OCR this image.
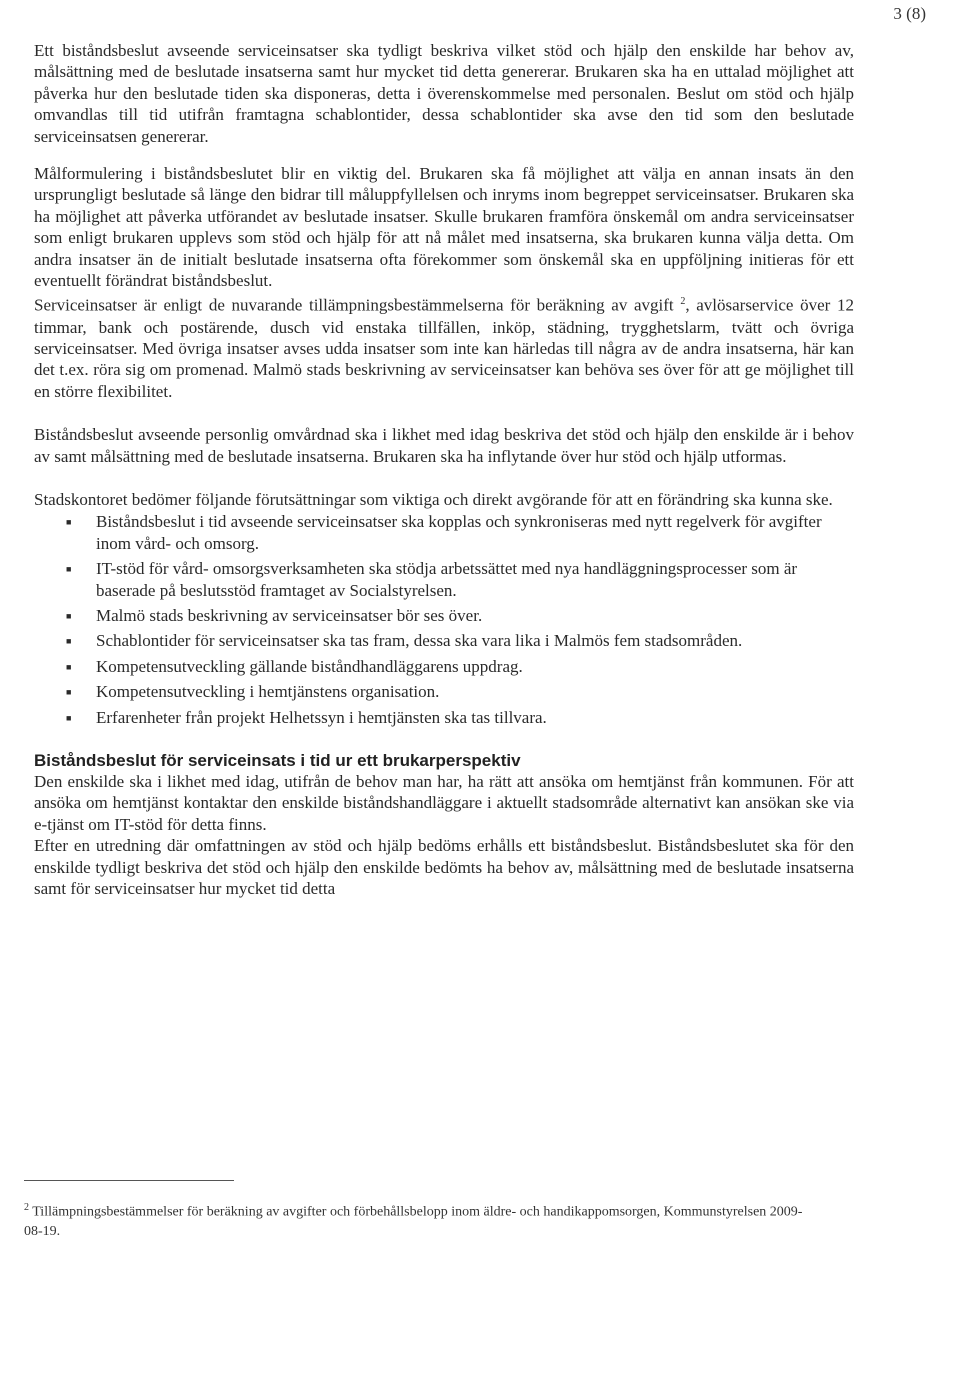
3 (8)

Ett biståndsbeslut avseende serviceinsatser ska tydligt beskriva vilket stöd och hjälp den enskilde har behov av, målsättning med de beslutade insatserna samt hur mycket tid detta genererar. Brukaren ska ha en uttalad möjlighet att påverka hur den beslutade tiden ska disponeras, detta i överenskommelse med personalen. Beslut om stöd och hjälp omvandlas till tid utifrån framtagna schablontider, dessa schablontider ska avse den tid som den beslutade serviceinsatsen genererar.

Målformulering i biståndsbeslutet blir en viktig del. Brukaren ska få möjlighet att välja en annan insats än den ursprungligt beslutade så länge den bidrar till måluppfyllelsen och inryms inom begreppet serviceinsatser. Brukaren ska ha möjlighet att påverka utförandet av beslutade insatser. Skulle brukaren framföra önskemål om andra serviceinsatser som enligt brukaren upplevs som stöd och hjälp för att nå målet med insatserna, ska brukaren kunna välja detta. Om andra insatser än de initialt beslutade insatserna ofta förekommer som önskemål ska en uppföljning initieras för ett eventuellt förändrat biståndsbeslut.

Serviceinsatser är enligt de nuvarande tillämpningsbestämmelserna för beräkning av avgift $^2$, avlösarservice över 12 timmar, bank och postärende, dusch vid enstaka tillfällen, inköp, städning, trygghetslarm, tvätt och övriga serviceinsatser. Med övriga insatser avses udda insatser som inte kan härledas till några av de andra insatserna, här kan det t.ex. röra sig om promenad. Malmö stads beskrivning av serviceinsatser kan behöva ses över för att ge möjlighet till en större flexibilitet.

Biståndsbeslut avseende personlig omvårdnad ska i likhet med idag beskriva det stöd och hjälp den enskilde är i behov av samt målsättning med de beslutade insatserna. Brukaren ska ha inflytande över hur stöd och hjälp utformas.

Stadskontoret bedömer följande förutsättningar som viktiga och direkt avgörande för att en förändring ska kunna ske.

■ Biståndsbeslut i tid avseende serviceinsatser ska kopplas och synkroniseras med nytt regelverk för avgifter inom vård- och omsorg.
■ IT-stöd för vård- omsorgsverksamheten ska stödja arbetssättet med nya handläggningsprocesser som är baserade på beslutsstöd framtaget av Socialstyrelsen.
■ Malmö stads beskrivning av serviceinsatser bör ses över.
■ Schablontider för serviceinsatser ska tas fram, dessa ska vara lika i Malmös fem stadsområden.
■ Kompetensutveckling gällande biståndhandläggarens uppdrag.
■ Kompetensutveckling i hemtjänstens organisation.
■ Erfarenheter från projekt Helhetssyn i hemtjänsten ska tas tillvara.
Biståndsbeslut för serviceinsats i tid ur ett brukarperspektiv

Den enskilde ska i likhet med idag, utifrån de behov man har, ha rätt att ansöka om hemtjänst från kommunen. För att ansöka om hemtjänst kontaktar den enskilde biståndshandläggare i aktuellt stadsområde alternativt kan ansökan ske via e-tjänst om IT-stöd för detta finns.

Efter en utredning där omfattningen av stöd och hjälp bedöms erhålls ett biståndsbeslut. Biståndsbeslutet ska för den enskilde tydligt beskriva det stöd och hjälp den enskilde bedömts ha behov av, målsättning med de beslutade insatserna samt för serviceinsatser hur mycket tid detta

$^2$ Tillämpningsbestämmelser för beräkning av avgifter och förbehållsbelopp inom äldre- och handikappomsorgen, Kommunstyrelsen 2009-08-19.
